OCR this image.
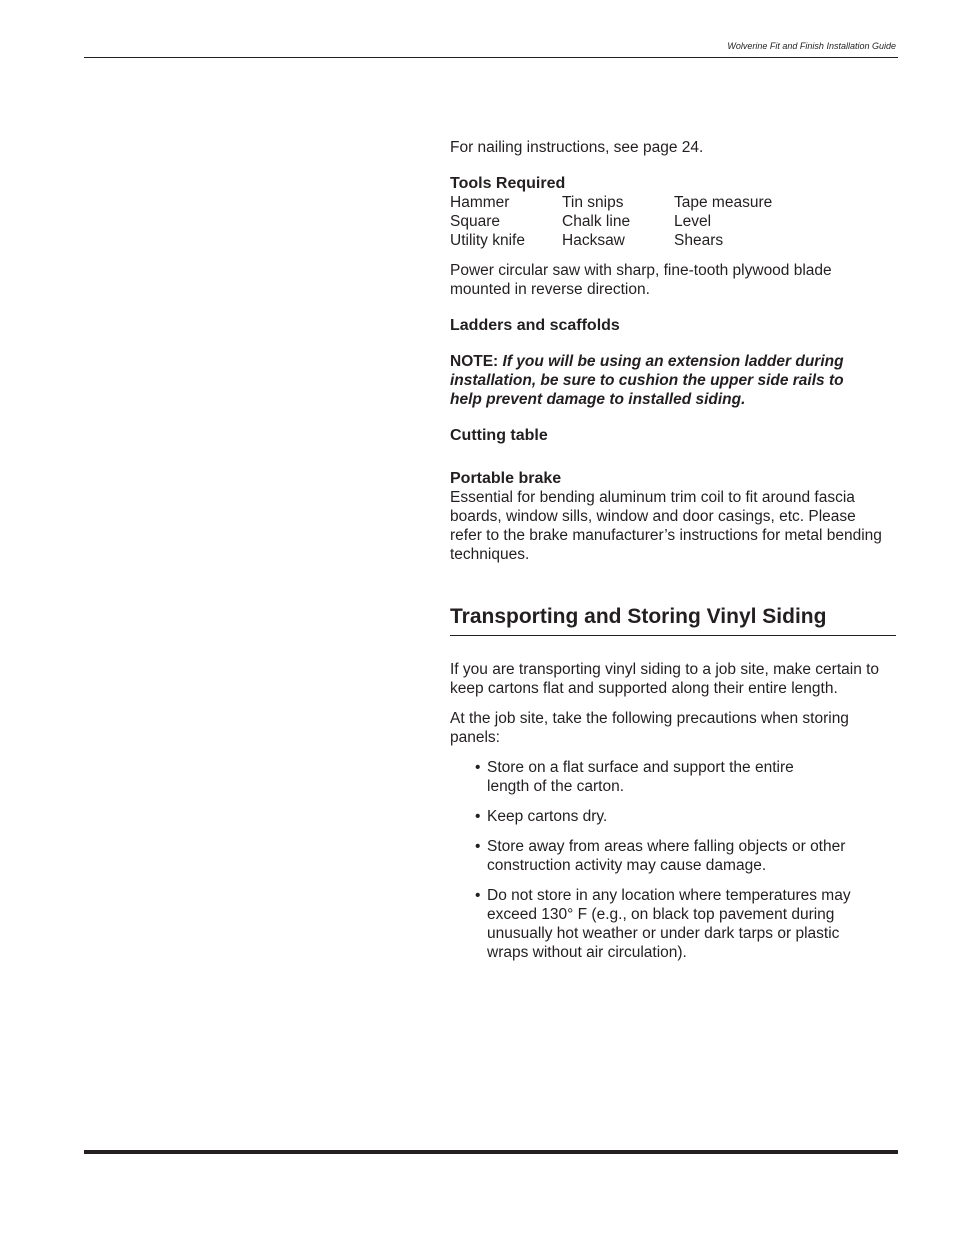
Wolverine Fit and Finish Installation Guide

For nailing instructions, see page 24.

Tools Required
Hammer	Tin snips	Tape measure
Square	Chalk line	Level
Utility knife	Hacksaw	Shears

Power circular saw with sharp, fine-tooth plywood blade mounted in reverse direction.

Ladders and scaffolds

NOTE: If you will be using an extension ladder during installation, be sure to cushion the upper side rails to help prevent damage to installed siding.

Cutting table
Portable brake

Essential for bending aluminum trim coil to fit around fascia boards, window sills, window and door casings, etc. Please refer to the brake manufacturer’s instructions for metal bending techniques.

Transporting and Storing Vinyl Siding

If you are transporting vinyl siding to a job site, make certain to keep cartons flat and supported along their entire length.

At the job site, take the following precautions when storing panels:

• Store on a flat surface and support the entire length of the carton.
• Keep cartons dry.
• Store away from areas where falling objects or other construction activity may cause damage.
• Do not store in any location where temperatures may exceed 130° F (e.g., on black top pavement during unusually hot weather or under dark tarps or plastic wraps without air circulation).
